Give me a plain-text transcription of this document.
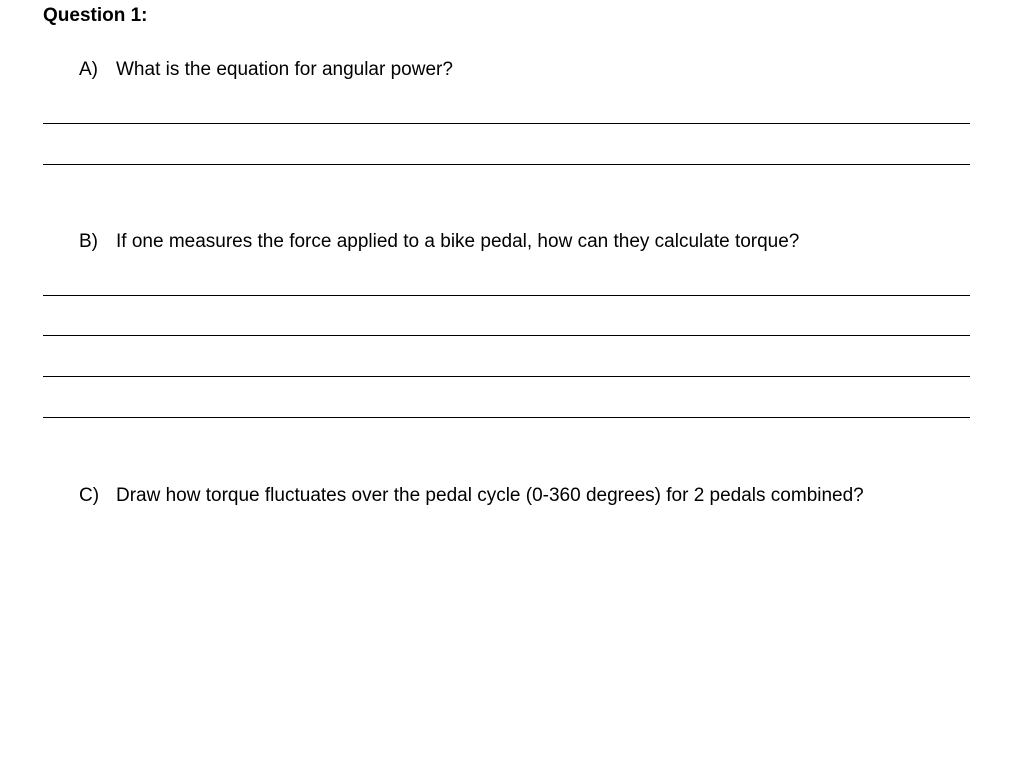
Question 1:
A) What is the equation for angular power?
B) If one measures the force applied to a bike pedal, how can they calculate torque?
C) Draw how torque fluctuates over the pedal cycle (0-360 degrees) for 2 pedals combined?
